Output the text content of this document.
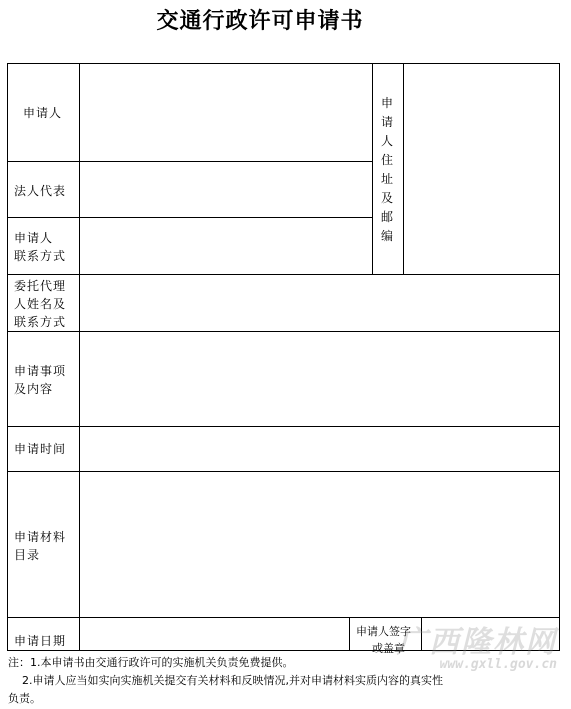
交通行政许可申请书
申请人
法人代表
申请人
联系方式
申
请
人
住
址
及
邮
编
委托代理
人姓名及
联系方式
申请事项
及内容
申请时间
申请材料
目录
申请日期
申请人签字
或盖章
注：1.本申请书由交通行政许可的实施机关负责免费提供。
2.申请人应当如实向实施机关提交有关材料和反映情况,并对申请材料实质内容的真实性
负责。
广西隆林网
www.gxll.gov.cn
